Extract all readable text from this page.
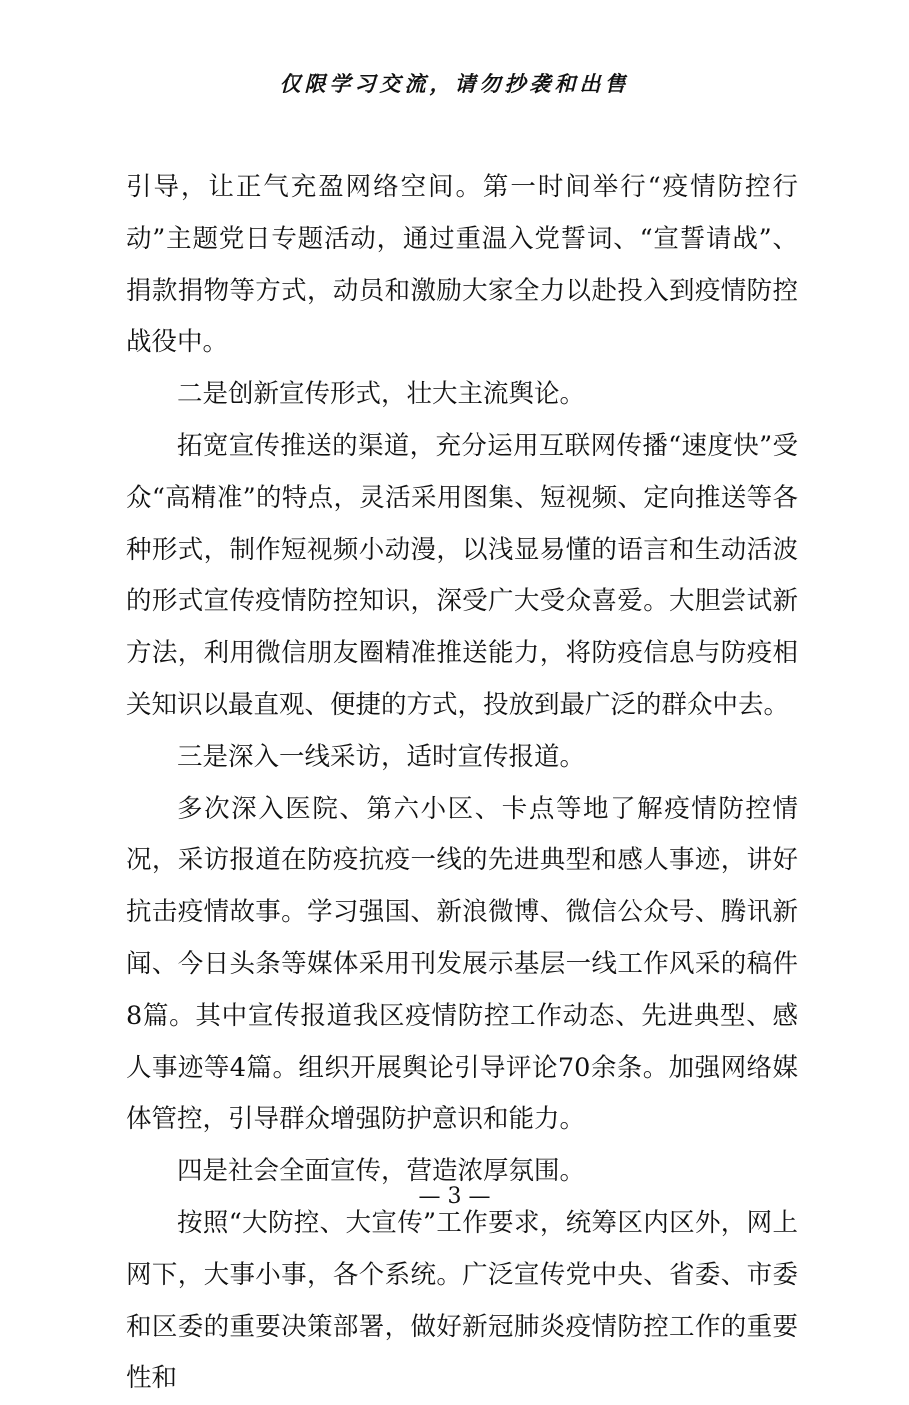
仅限学习交流，请勿抄袭和出售

引导，让正气充盈网络空间。第一时间举行“疫情防控行动”主题党日专题活动，通过重温入党誓词、“宣誓请战”、捐款捐物等方式，动员和激励大家全力以赴投入到疫情防控战役中。

二是创新宣传形式，壮大主流舆论。

拓宽宣传推送的渠道，充分运用互联网传播“速度快”受众“高精准”的特点，灵活采用图集、短视频、定向推送等各种形式，制作短视频小动漫，以浅显易懂的语言和生动活波的形式宣传疫情防控知识，深受广大受众喜爱。大胆尝试新方法，利用微信朋友圈精准推送能力，将防疫信息与防疫相关知识以最直观、便捷的方式，投放到最广泛的群众中去。

三是深入一线采访，适时宣传报道。

多次深入医院、第六小区、卡点等地了解疫情防控情况，采访报道在防疫抗疫一线的先进典型和感人事迹，讲好抗击疫情故事。学习强国、新浪微博、微信公众号、腾讯新闻、今日头条等媒体采用刊发展示基层一线工作风采的稿件8篇。其中宣传报道我区疫情防控工作动态、先进典型、感人事迹等4篇。组织开展舆论引导评论70余条。加强网络媒体管控，引导群众增强防护意识和能力。

四是社会全面宣传，营造浓厚氛围。

按照“大防控、大宣传”工作要求，统筹区内区外，网上网下，大事小事，各个系统。广泛宣传党中央、省委、市委和区委的重要决策部署，做好新冠肺炎疫情防控工作的重要性和

— 3 —
